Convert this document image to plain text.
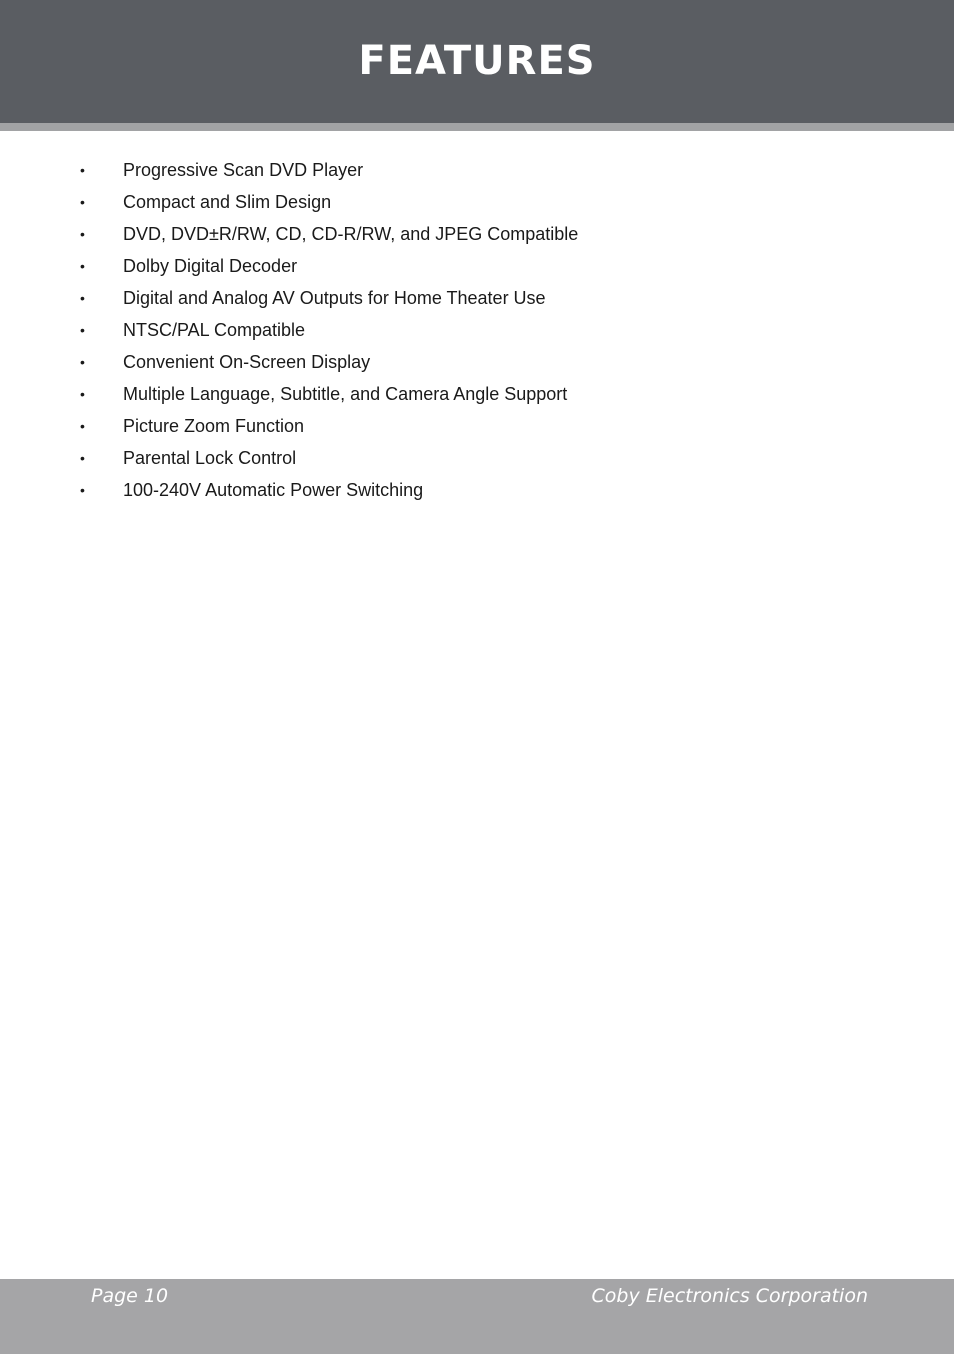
FEATURES
• Progressive Scan DVD Player
• Compact and Slim Design
• DVD, DVD±R/RW, CD, CD-R/RW, and JPEG Compatible
• Dolby Digital Decoder
• Digital and Analog AV Outputs for Home Theater Use
• NTSC/PAL Compatible
• Convenient On-Screen Display
• Multiple Language, Subtitle, and Camera Angle Support
• Picture Zoom Function
• Parental Lock Control
• 100-240V Automatic Power Switching
Page 10	Coby Electronics Corporation
